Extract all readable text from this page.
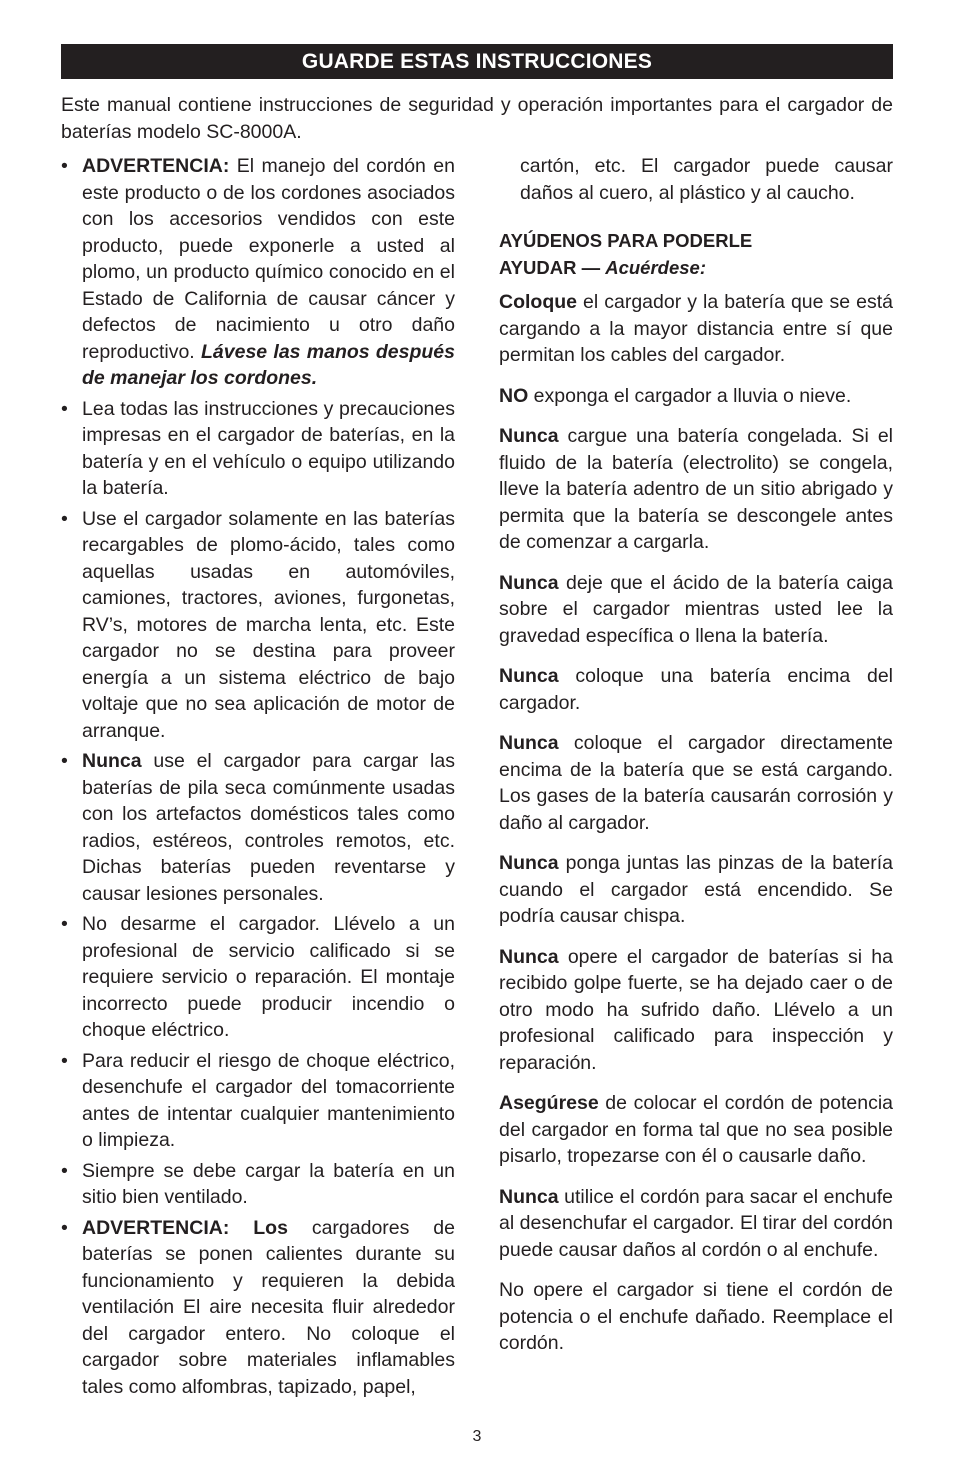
GUARDE ESTAS INSTRUCCIONES
Este manual contiene instrucciones de seguridad y operación importantes para el cargador de baterías modelo SC-8000A.
• ADVERTENCIA: El manejo del cordón en este producto o de los cordones asociados con los accesorios vendidos con este producto, puede exponerle a usted al plomo, un producto químico conocido en el Estado de California de causar cáncer y defectos de nacimiento u otro daño reproductivo. Lávese las manos después de manejar los cordones.
• Lea todas las instrucciones y precauciones impresas en el cargador de baterías, en la batería y en el vehículo o equipo utilizando la batería.
• Use el cargador solamente en las baterías recargables de plomo-ácido, tales como aquellas usadas en automóviles, camiones, tractores, aviones, furgonetas, RV’s, motores de marcha lenta, etc. Este cargador no se destina para proveer energía a un sistema eléctrico de bajo voltaje que no sea aplicación de motor de arranque.
• Nunca use el cargador para cargar las baterías de pila seca comúnmente usadas con los artefactos domésticos tales como radios, estéreos, controles remotos, etc. Dichas baterías pueden reventarse y causar lesiones personales.
• No desarme el cargador. Llévelo a un profesional de servicio calificado si se requiere servicio o reparación. El montaje incorrecto puede producir incendio o choque eléctrico.
• Para reducir el riesgo de choque eléctrico, desenchufe el cargador del tomacorriente antes de intentar cualquier mantenimiento o limpieza.
• Siempre se debe cargar la batería en un sitio bien ventilado.
• ADVERTENCIA: Los cargadores de baterías se ponen calientes durante su funcionamiento y requieren la debida ventilación El aire necesita fluir alrededor del cargador entero. No coloque el cargador sobre materiales inflamables tales como alfombras, tapizado, papel,

cartón, etc. El cargador puede causar daños al cuero, al plástico y al caucho.

AYÚDENOS PARA PODERLE
AYUDAR — Acuérdese:

Coloque el cargador y la batería que se está cargando a la mayor distancia entre sí que permitan los cables del cargador.

NO exponga el cargador a lluvia o nieve.

Nunca cargue una batería congelada. Si el fluido de la batería (electrolito) se congela, lleve la batería adentro de un sitio abrigado y permita que la batería se descongele antes de comenzar a cargarla.

Nunca deje que el ácido de la batería caiga sobre el cargador mientras usted lee la gravedad específica o llena la batería.

Nunca coloque una batería encima del cargador.

Nunca coloque el cargador directamente encima de la batería que se está cargando. Los gases de la batería causarán corrosión y daño al cargador.

Nunca ponga juntas las pinzas de la batería cuando el cargador está encendido. Se podría causar chispa.

Nunca opere el cargador de baterías si ha recibido golpe fuerte, se ha dejado caer o de otro modo ha sufrido daño. Llévelo a un profesional calificado para inspección y reparación.

Asegúrese de colocar el cordón de potencia del cargador en forma tal que no sea posible pisarlo, tropezarse con él o causarle daño.

Nunca utilice el cordón para sacar el enchufe al desenchufar el cargador. El tirar del cordón puede causar daños al cordón o al enchufe.

No opere el cargador si tiene el cordón de potencia o el enchufe dañado. Reemplace el cordón.

3
